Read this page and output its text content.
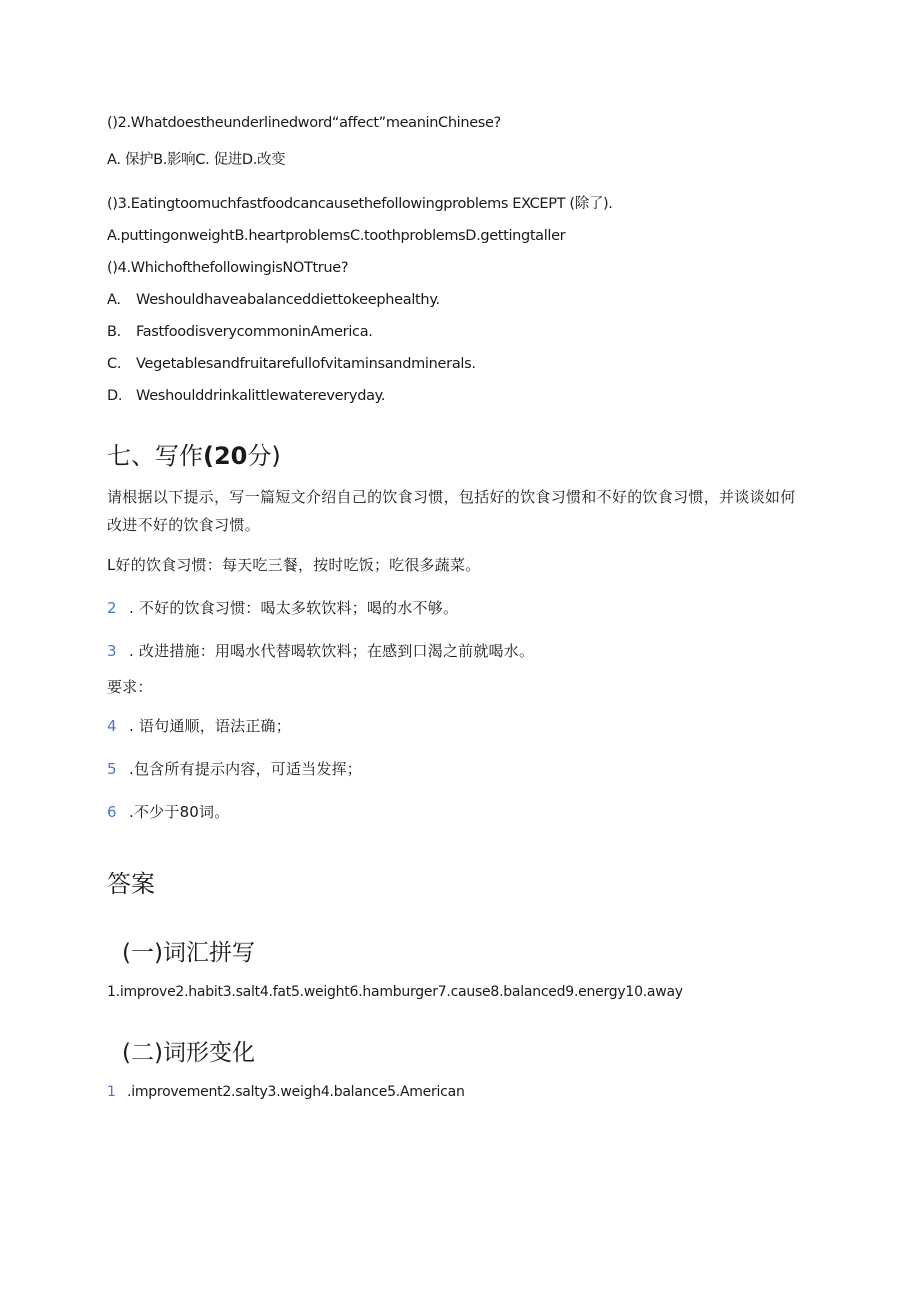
()2.Whatdoestheunderlinedword“affect”meaninChinese?
A. 保护B.影响C. 促进D.改变
()3.Eatingtoomuchfastfoodcancausethefollowingproblems EXCEPT (除了).
A.puttingonweightB.heartproblemsC.toothproblemsD.gettingtaller
()4.WhichofthefollowingisNOTtrue?
A. Weshouldhaveabalanceddiettokeephealthy.
B. FastfoodisverycommoninAmerica.
C. Vegetablesandfruitarefullofvitaminsandminerals.
D. Weshoulddrinkalittlewatereveryday.
七、写作(20分)
请根据以下提示，写一篇短文介绍自己的饮食习惯，包括好的饮食习惯和不好的饮食习惯，并谈谈如何改进不好的饮食习惯。
L好的饮食习惯：每天吃三餐，按时吃饭；吃很多蔬菜。
2 . 不好的饮食习惯：喝太多软饮料；喝的水不够。
3 . 改进措施：用喝水代替喝软饮料；在感到口渴之前就喝水。
要求：
4 . 语句通顺，语法正确；
5 .包含所有提示内容，可适当发挥；
6 .不少于80词。
答案
(一)词汇拼写
1.improve2.habit3.salt4.fat5.weight6.hamburger7.cause8.balanced9.energy10.away
(二)词形变化
1 .improvement2.salty3.weigh4.balance5.American
